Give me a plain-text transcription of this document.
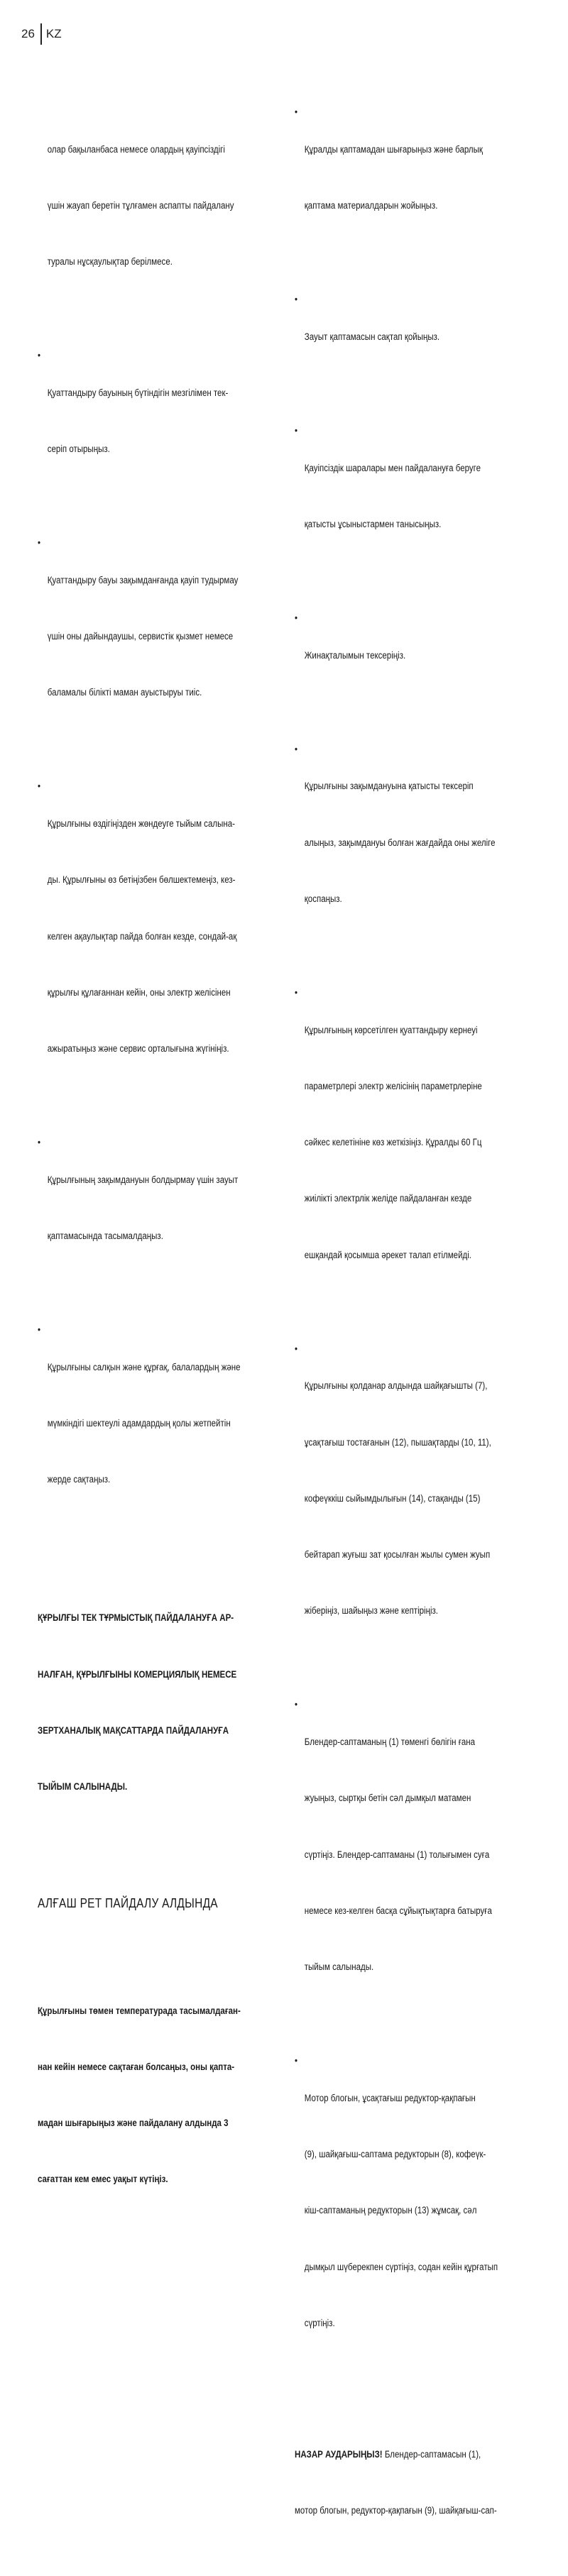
26 KZ

олар бақыланбаса немесе олардың қауіпсіздігі

үшін жауап беретін тұлғамен аспапты пайдалану

туралы нұсқаулықтар берілмесе.

• Қуаттандыру бауының бүтіндігін мезгілімен тек-

серіп отырыңыз.

• Қуаттандыру бауы зақымданғанда қауіп тудырмау

үшін оны дайындаушы, сервистік қызмет немесе

баламалы білікті маман ауыстыруы тиіс.

• Құрылғыны өздігіңізден жөндеуге тыйым салына-

ды. Құрылғыны өз бетіңізбен бөлшектемеңіз, кез-

келген ақаулықтар пайда болған кезде, сондай-ақ

құрылғы құлағаннан кейін, оны электр желісінен

ажыратыңыз және сервис орталығына жүгініңіз.

• Құрылғының зақымдануын болдырмау үшін зауыт

қаптамасында тасымалдаңыз.

• Құрылғыны салқын және құрғақ, балалардың және

мүмкіндігі шектеулі адамдардың қолы жетпейтін

жерде сақтаңыз.

ҚҰРЫЛҒЫ ТЕК ТҰРМЫСТЫҚ ПАЙДАЛАНУҒА АР-

НАЛҒАН, ҚҰРЫЛҒЫНЫ КОМЕРЦИЯЛЫҚ НЕМЕСЕ

ЗЕРТХАНАЛЫҚ МАҚСАТТАРДА ПАЙДАЛАНУҒА

ТЫЙЫМ САЛЫНАДЫ.

АЛҒАШ РЕТ ПАЙДАЛУ АЛДЫНДА

Құрылғыны төмен температурада тасымалдаған-

нан кейін немесе сақтаған болсаңыз, оны қапта-

мадан шығарыңыз және пайдалану алдында 3

сағаттан кем емес уақыт күтіңіз.

• Құралды қаптамадан шығарыңыз және барлық

қаптама материалдарын жойыңыз.

• Зауыт қаптамасын сақтап қойыңыз.

• Қауіпсіздік шаралары мен пайдалануға беруге

қатысты ұсыныстармен танысыңыз.

• Жинақталымын тексеріңіз.

• Құрылғыны зақымдануына қатысты тексеріп

алыңыз, зақымдануы болған жағдайда оны желіге

қоспаңыз.

• Құрылғының көрсетілген қуаттандыру кернеуі

параметрлері электр желісінің параметрлеріне

сәйкес келетініне көз жеткізіңіз. Құралды 60 Гц

жиілікті электрлік желіде пайдаланған кезде

ешқандай қосымша әрекет талап етілмейді.

• Құрылғыны қолданар алдында шайқағышты (7),

ұсақтағыш тостағанын (12), пышақтарды (10, 11),

кофеүккіш сыйымдылығын (14), стақанды (15)

бейтарап жуғыш зат қосылған жылы сумен жуып

жіберіңіз, шайыңыз және кептіріңіз.

• Блендер-саптаманың (1) төменгі бөлігін ғана

жуыңыз, сыртқы бетін сәл дымқыл матамен

сүртіңіз. Блендер-саптаманы (1) толығымен суға

немесе кез-келген басқа сұйықтықтарға батыруға

тыйым салынады.

• Мотор блогын, ұсақтағыш редуктор-қақпағын

(9), шайқағыш-саптама редукторын (8), кофеүк-

кіш-саптаманың редукторын (13) жұмсақ, сәл

дымқыл шүберекпен сүртіңіз, содан кейін құрғатып

сүртіңіз.

НАЗАР АУДАРЫҢЫЗ! Блендер-саптамасын (1),

мотор блогын, редуктор-қақпағын (9), шайқағыш-сап-
